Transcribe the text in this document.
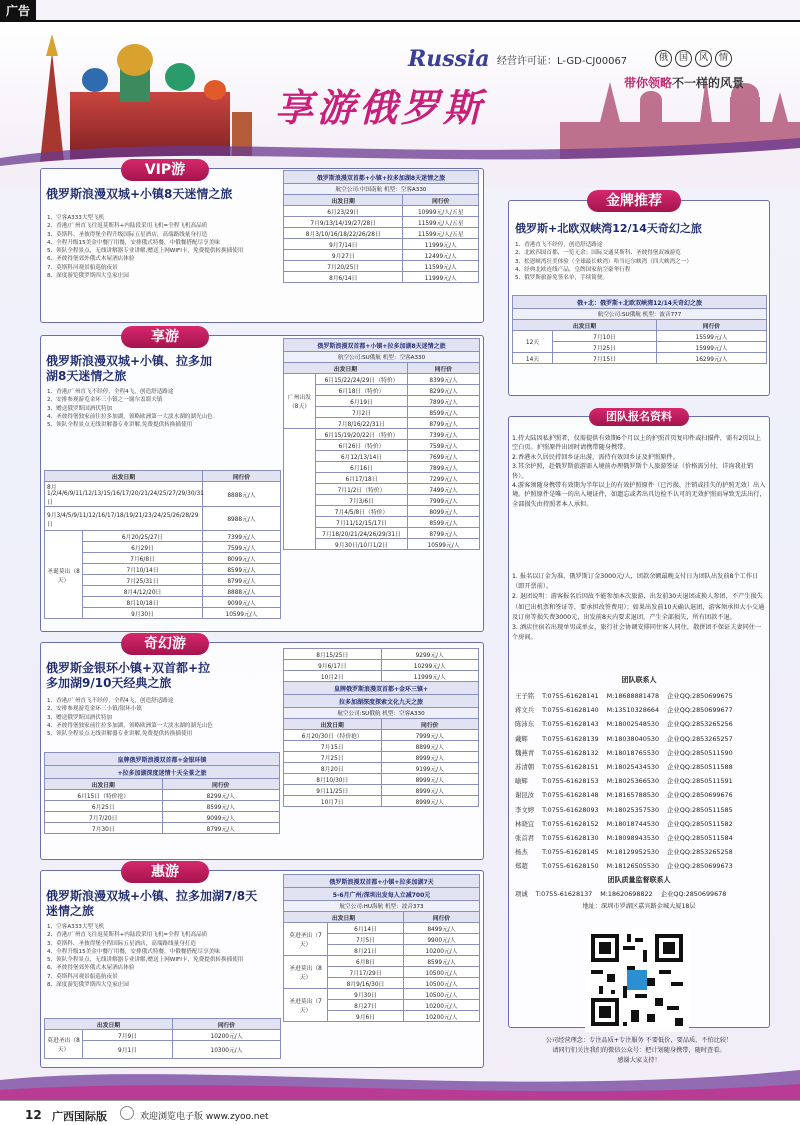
广告
Russia 经营许可证：L-GD-CJ00067	俄	国	风	情
享游俄罗斯
带你领略不一样的风景
VIP游
俄罗斯浪漫双城+小镇8天迷情之旅
1、空客A333大型飞机
2、香港/广州直飞往返莫斯科+内陆段采用飞机=全程飞机高品质
3、莫斯科、圣彼得堡全程升级国际五星酒店，高端路线量身打造
4、全程升级15美金中餐厅用餐，安排俄式特餐，中俄餐搭配尽享美味
5、领队全程景点，无线讲解器专业讲解,赠送上网WIFI卡，免费提供转换插使用
6、圣彼得堡郊外俄式木屋酒店体验
7、莫斯科河观景船巡航夜景
8、深度游览俄罗斯四大皇家庄园
俄罗斯浪漫双首都+小镇+拉多加湖8天迷情之旅	
航空公司:中国南航 机型：空客A330	
出发日期	同行价
6月23/29日	10999元/人/五星
7月9/13/14/19/27/28日	11599元/人/五星
8月3/10/16/18/22/26/28日	11599元/人/五星
9月7/14日	11999元/人
9月27日	12499元/人
7月20/25日	11599元/人
8月6/14日	11999元/人
享游
俄罗斯浪漫双城+小镇、拉多加湖8天迷情之旅
1、香港/广州直飞不经停，全程4飞，创造舒适路途
2、安排参观游览金环三小镇之一谢尔盖耶夫镇
3、赠送俄罗斯国酒伏特加
4、圣彼得堡独家前往拉多加湖，领略欧洲第一大淡水湖的湖光山色
5、领队全程景点无线讲解器专业讲解,免费提供转换插使用
出发日期		同行价
8月1/2/4/6/9/11/12/13/15/16/17/20/21/24/25/27/29/30/31日		8888元/人
9月3/4/5/9/11/12/16/17/18/19/21/23/24/25/26/28/29日		8988元/人
圣诞莫出（8天）	6月20/25/27日	7399元/人
	6月29日	7599元/人
	7月6/8日	8099元/人
	7月10/14日	8599元/人
	7月25/31日	8799元/人
	8月4/12/20日	8888元/人
	8月10/18日	9099元/人
	9月30日	10599元/人
俄罗斯浪漫双首都+小镇+拉多加湖8天迷情之旅		
航空公司:SU俄航 机型：空客A330		
出发日期		同行价
广州出发（8天）	6月15/22/24/29日（特价）	8399元/人
	6月18日（特价）	8299元/人
	6月19日	7899元/人
	7月2日	8599元/人
	7月8/16/22/31日	8799元/人
	6月15/19/20/22日（特价）	7399元/人
	6月26日（特价）	7599元/人
	6月12/13/14日	7699元/人
	6月16日	7899元/人
	6月17/18日	7299元/人
	7月1/2日（特价）	7499元/人
	7月3/6日	7999元/人
	7月4/5/8日（特价）	8099元/人
	7月11/12/15/17日	8599元/人
	7月18/20/21/24/26/29/31日	8799元/人
	9月30日/10月1/2日	10599元/人
奇幻游
俄罗斯金银环小镇+双首都+拉多加湖9/10天经典之旅
1、香港/广州直飞不经停，全程4飞，创造舒适路途
2、安排参观游览金环三小镇/银环小镇
3、赠送俄罗斯国酒伏特加
4、圣彼得堡独家前往拉多加湖，领略欧洲第一大淡水湖的湖光山色
5、领队全程景点无线讲解器专业讲解,免费提供转换插使用
皇牌俄罗斯浪漫双首都+金银环镇	
+拉多加湖深度迷情十天全景之旅	
出发日期	同行价
6月15日（特价抢）	8299元/人
6月25日	8599元/人
7月7/20日	9099元/人
7月30日	8799元/人
8月15/25日	9299元/人
9月6/17日	10299元/人
10月2日	11999元/人
皇牌俄罗斯浪漫双首都+金环三镇+	
拉多加湖深度探索文化九天之旅	
航空公司:SU俄航 机型：空客A330	
出发日期	同行价
6月20/30日（特价抢）	7999元/人
7月15日	8899元/人
7月25日	8999元/人
8月20日	9199元/人
8月10/30日	8999元/人
9月11/25日	8999元/人
10月7日	8999元/人
惠游
俄罗斯浪漫双城+小镇、拉多加湖7/8天迷情之旅
1、空客A333大型飞机
2、香港/广州直飞往返莫斯科+内陆段采用飞机=全程飞机高品质
3、莫斯科、圣彼得堡全程国际五星酒店，高端路线量身打造
4、全程升级15美金中餐厅用餐，安排俄式特餐，中俄餐搭配尽享美味
5、领队全程景点，无线讲解器专业讲解,赠送上网WIFI卡，免费提供转换插使用
6、圣彼得堡郊外俄式木屋酒店体验
7、莫斯科河观景船巡航夜景
8、深度游览俄罗斯四大皇家庄园
出发日期		同行价
莫进圣出（8天）	7月9日	10200元/人
	9月1日	10300元/人
俄罗斯浪漫双首都+小镇+拉多加湖7天		
5-6月广州/深圳出发每人立减700元		
航空公司:HU海航 机型：波音373		
出发日期		同行价
莫进圣出（7天）	6月14日	8499元/人
	7月5日	9900元/人
	8月21日	10200元/人
圣进莫出（8天）	6月8日	8599元/人
	7月17/29日	10500元/人
	8月9/16/30日	10500元/人
圣进莫出（7天）	9月30日	10500元/人
	8月27日	10200元/人
	9月6日	10200元/人
金牌推荐
俄罗斯+北欧双峡湾12/14天奇幻之旅
1、香港直飞不经停，创造舒适路途
2、北欧四国首都，一览无余；国际交通莫斯科、圣彼得堡双城游览
3、松恩峡湾壮美体验（全球最长峡湾）哈当厄尔峡湾（四大峡湾之一）
4、经典北欧连线产品，皇牌国家航空豪华行程
5、俄罗斯旅游免签名单，手续简便。
俄+北：俄罗斯+北欧双峡湾12/14天奇幻之旅		
航空公司:SU俄航 机型：波音777		
出发日期		同行价
12天	7月10日	15599元/人
	7月25日	15999元/人
14天	7月15日	16299元/人
团队报名资料

1.持大陆因私护照者，仅需提供有效期6个月以上的护照首页复印件或扫描件，需有2页以上空白页。护照原件出团时请携带随身携带。

2.香港永久居民持回乡证出游，需持有效回乡证及护照原件。

3.其余护照，赴俄罗斯旅游需入境前办理俄罗斯个人旅游签证（价格需另付，详询我社销售）。

4.游客须随身携带有效期为半年以上的有效护照原件（已污损、注销或挂失的护照无效）出入境。护照原件是唯一的出入境证件，如遗忘或者出具边检不认可的无效护照而导致无法出行，全部损失由持照者本人承担。

1. 报名以订金为准，俄罗斯订金3000元/人，团款余额最晚支付日为团队出发前8个工作日（即开票前）。

2. 退团说明：游客报名后因故不能参加本次旅游，出发前30天退团或换人参团，不产生损失（如已出机票和签证等，要承担改签费用）；如果出发前10天确认退团，游客须承担大小交通及订房等损失费3000元，出发前8天内要求退团，产生全部损失，所有团款不退。

3. 酒店住宿若出现单男或单女，旅行社会协调安排同住客人同住，散拼团不保证夫妻同住一个房间。

团队联系人
王子铭	T:0755-61628141	M:18688881478	企业QQ:2850699675
蒋文兵	T:0755-61628140	M:13510328664	企业QQ:2850699677
陈沛东	T:0755-61628143	M:18002548530	企业QQ:2853265256
戴辉	T:0755-61628139	M:18038040530	企业QQ:2853265257
魏燕青	T:0755-61628132	M:18018765530	企业QQ:2850511590
苏清朝	T:0755-61628151	M:18025434530	企业QQ:2850511588
喻辉	T:0755-61628153	M:18025366530	企业QQ:2850511591
谢昆汝	T:0755-61628148	M:18165788530	企业QQ:2850699676
李文婷	T:0755-61628093	M:18025357530	企业QQ:2850511585
林晓宜	T:0755-61628152	M:18018744530	企业QQ:2850511582
张首君	T:0755-61628130	M:18098943530	企业QQ:2850511584
杨杰	T:0755-61628145	M:18129952530	企业QQ:2853265258
郑超	T:0755-61628150	M:18126505530	企业QQ:2850699673
团队质量监督联系人
项诚	T:0755-61628137	M:18620698822	企业QQ:2850699678
地址：深圳市罗湖区嘉宾路金城大厦18层

公司经营理念：专注品质+专注服务 不要低价，要品质，不怕比较！

请同行们关注我们的微信公众号：把计划随身携带，随时查看。

感谢大家支持！

12 广西国际版	欢迎浏览电子版 www.zyoo.net
